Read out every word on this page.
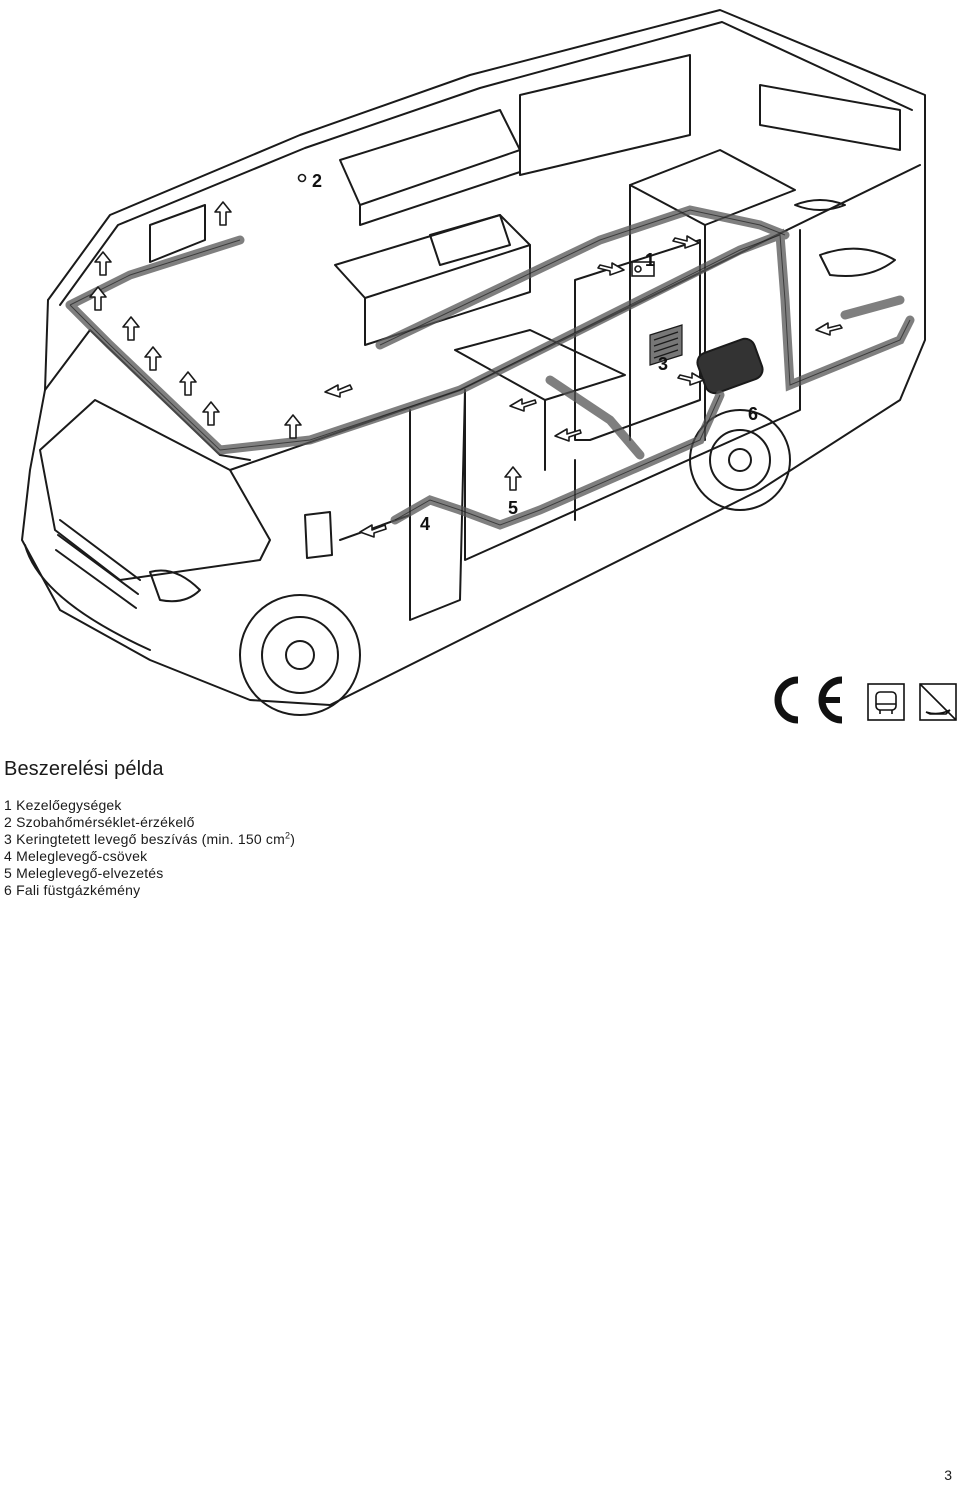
1
2
3
4
5
6
Beszerelési példa
1 Kezelőegységek
2 Szobahőmérséklet-érzékelő
3 Keringtetett levegő beszívás (min. 150 $cm^2$)
4 Meleglevegő-csövek
5 Meleglevegő-elvezetés
6 Fali füstgázkémény
3
